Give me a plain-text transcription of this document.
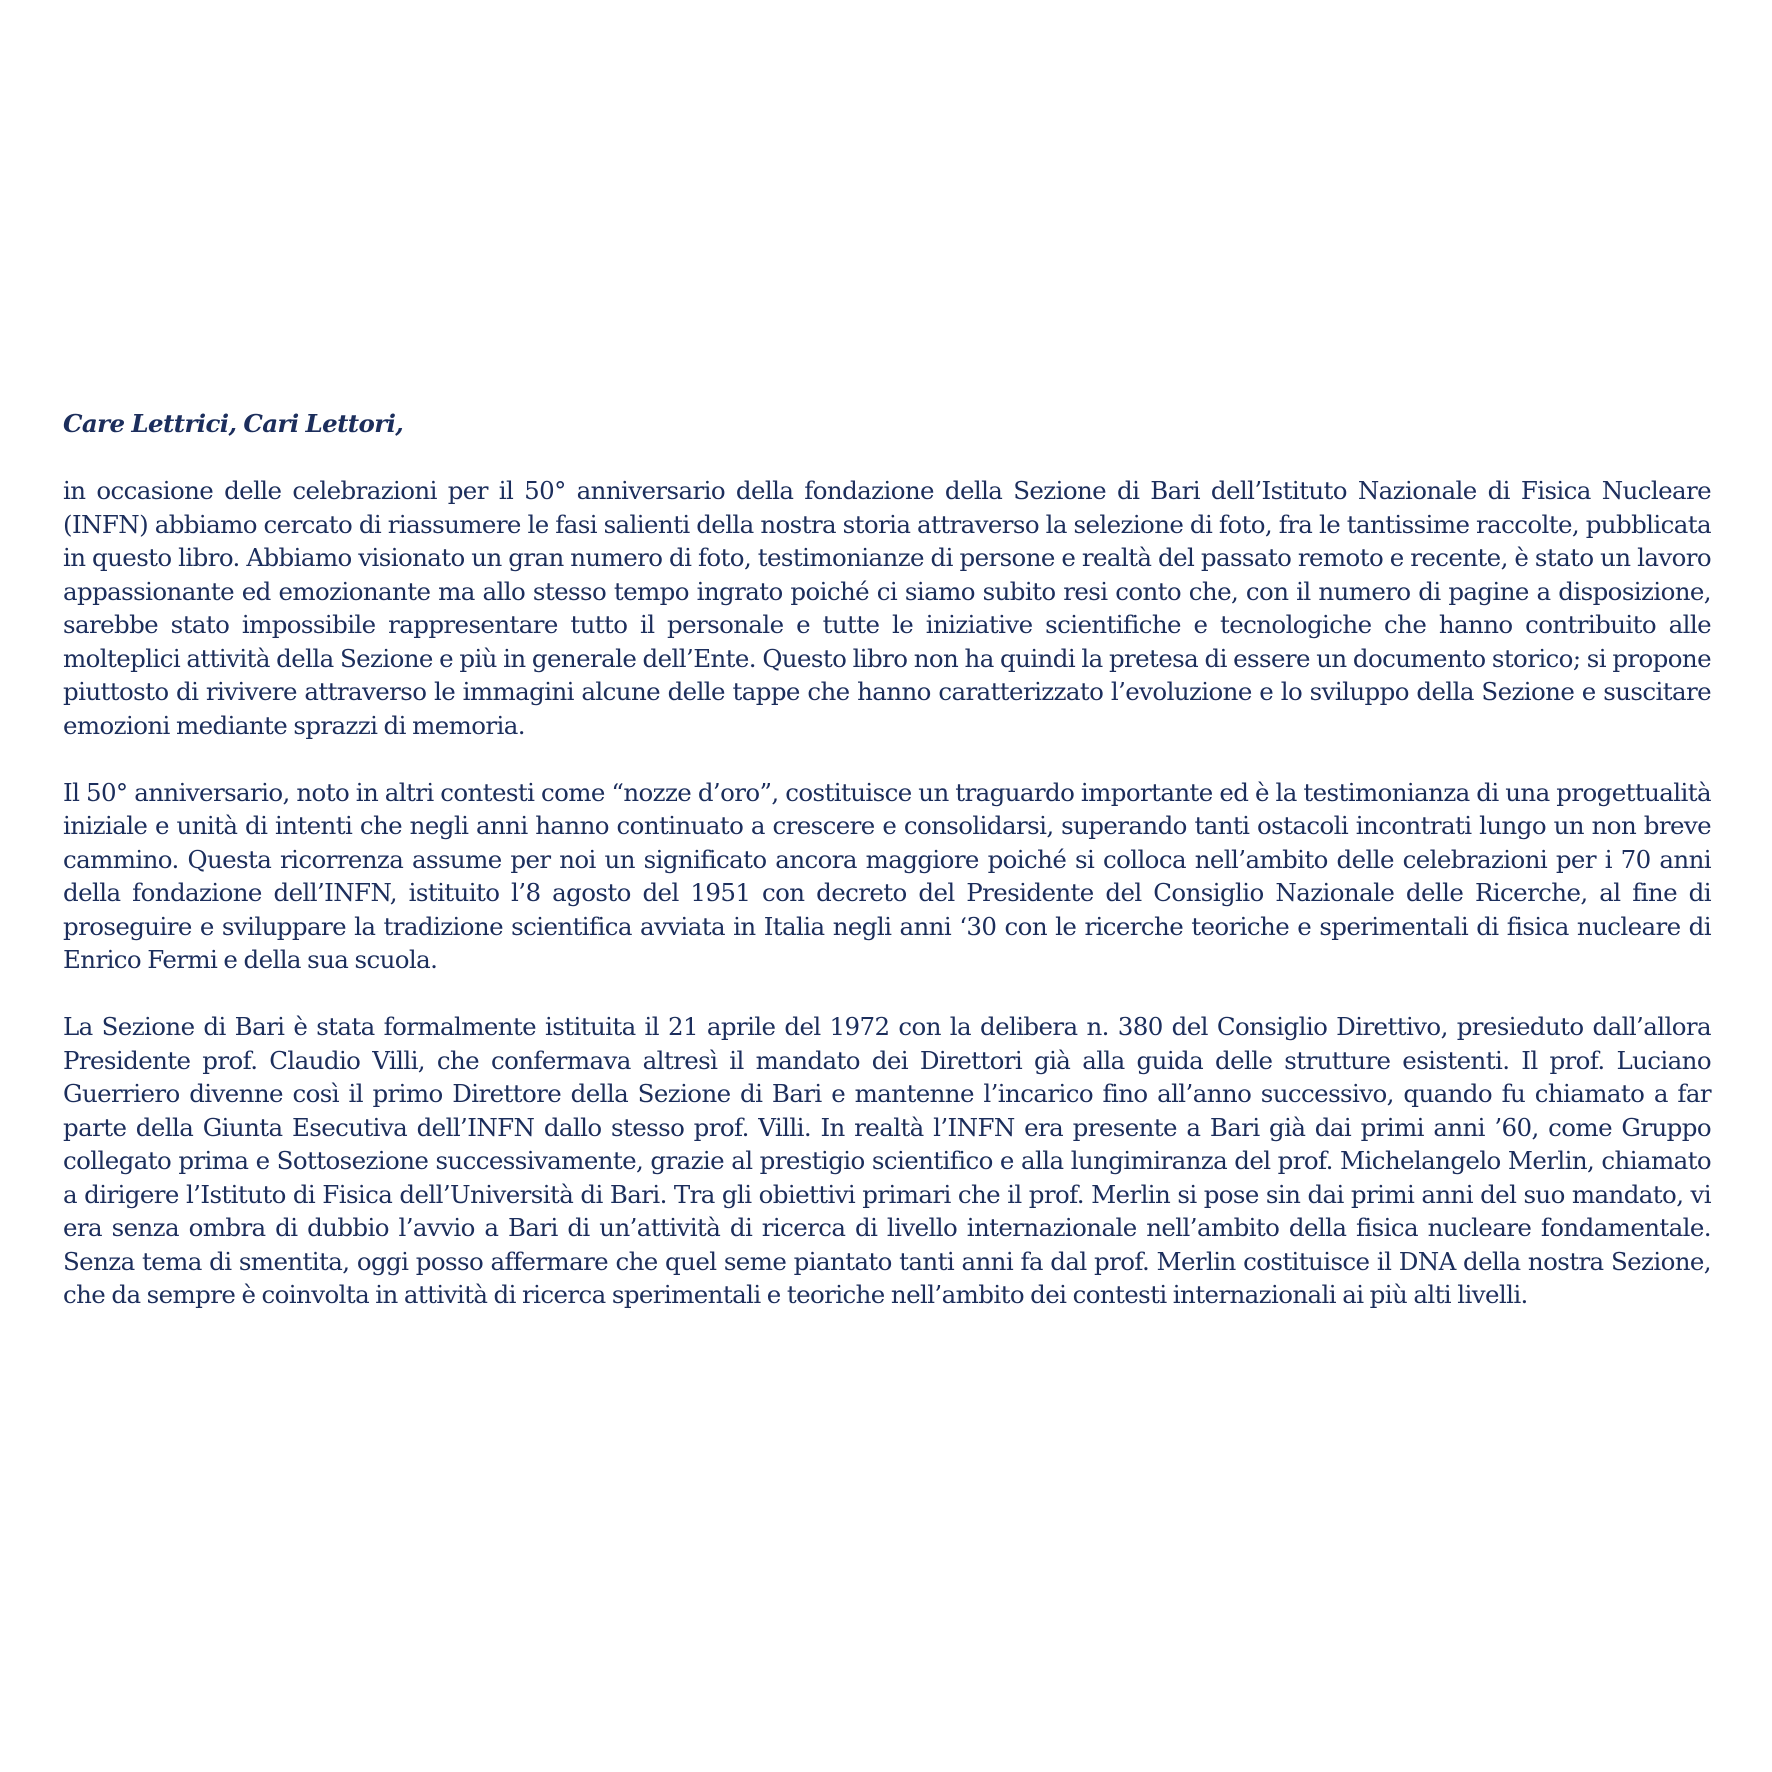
Care Lettrici, Cari Lettori,

in occasione delle celebrazioni per il 50° anniversario della fondazione della Sezione di Bari dell’Istituto Nazionale di Fisica Nucleare (INFN) abbiamo cercato di riassumere le fasi salienti della nostra storia attraverso la selezione di foto, fra le tantissime raccolte, pubblicata in questo libro. Abbiamo visionato un gran numero di foto, testimonianze di persone e realtà del passato remoto e recente, è stato un lavoro appassionante ed emozionante ma allo stesso tempo ingrato poiché ci siamo subito resi conto che, con il numero di pagine a disposizione, sarebbe stato impossibile rappresentare tutto il personale e tutte le iniziative scientifiche e tecnologiche che hanno contribuito alle molteplici attività della Sezione e più in generale dell’Ente. Questo libro non ha quindi la pretesa di essere un documento storico; si propone piuttosto di rivivere attraverso le immagini alcune delle tappe che hanno caratterizzato l’evoluzione e lo sviluppo della Sezione e suscitare emozioni mediante sprazzi di memoria.

Il 50° anniversario, noto in altri contesti come “nozze d’oro”, costituisce un traguardo importante ed è la testimonianza di una progettualità iniziale e unità di intenti che negli anni hanno continuato a crescere e consolidarsi, superando tanti ostacoli incontrati lungo un non breve cammino. Questa ricorrenza assume per noi un significato ancora maggiore poiché si colloca nell’ambito delle celebrazioni per i 70 anni della fondazione dell’INFN, istituito l’8 agosto del 1951 con decreto del Presidente del Consiglio Nazionale delle Ricerche, al fine di proseguire e sviluppare la tradizione scientifica avviata in Italia negli anni ‘30 con le ricerche teoriche e sperimentali di fisica nucleare di Enrico Fermi e della sua scuola.

La Sezione di Bari è stata formalmente istituita il 21 aprile del 1972 con la delibera n. 380 del Consiglio Direttivo, presieduto dall’allora Presidente prof. Claudio Villi, che confermava altresì il mandato dei Direttori già alla guida delle strutture esistenti. Il prof. Luciano Guerriero divenne così il primo Direttore della Sezione di Bari e mantenne l’incarico fino all’anno successivo, quando fu chiamato a far parte della Giunta Esecutiva dell’INFN dallo stesso prof. Villi. In realtà l’INFN era presente a Bari già dai primi anni ’60, come Gruppo collegato prima e Sottosezione successivamente, grazie al prestigio scientifico e alla lungimiranza del prof. Michelangelo Merlin, chiamato a dirigere l’Istituto di Fisica dell’Università di Bari. Tra gli obiettivi primari che il prof. Merlin si pose sin dai primi anni del suo mandato, vi era senza ombra di dubbio l’avvio a Bari di un’attività di ricerca di livello internazionale nell’ambito della fisica nucleare fondamentale. Senza tema di smentita, oggi posso affermare che quel seme piantato tanti anni fa dal prof. Merlin costituisce il DNA della nostra Sezione, che da sempre è coinvolta in attività di ricerca sperimentali e teoriche nell’ambito dei contesti internazionali ai più alti livelli.
